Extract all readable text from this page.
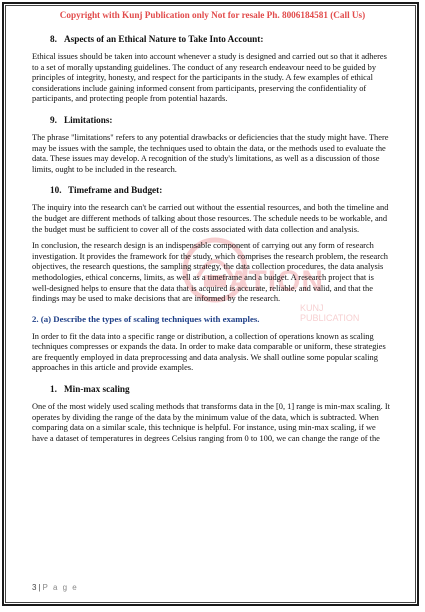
ATION
KUNJ PUBLICATION
Copyright with Kunj Publication only Not for resale Ph. 8006184581 (Call Us)
8. Aspects of an Ethical Nature to Take Into Account:

Ethical issues should be taken into account whenever a study is designed and carried out so that it adheres to a set of morally upstanding guidelines. The conduct of any research endeavour need to be guided by principles of integrity, honesty, and respect for the participants in the study. A few examples of ethical considerations include gaining informed consent from participants, preserving the confidentiality of participants, and protecting people from potential hazards.

9. Limitations:

The phrase "limitations" refers to any potential drawbacks or deficiencies that the study might have. There may be issues with the sample, the techniques used to obtain the data, or the methods used to evaluate the data. These issues may develop. A recognition of the study's limitations, as well as a discussion of those limits, ought to be included in the research.

10. Timeframe and Budget:

The inquiry into the research can't be carried out without the essential resources, and both the timeline and the budget are different methods of talking about those resources. The schedule needs to be workable, and the budget must be sufficient to cover all of the costs associated with data collection and analysis.

In conclusion, the research design is an indispensable component of carrying out any form of research investigation. It provides the framework for the study, which comprises the research problem, the research objectives, the research questions, the sampling strategy, the data collection procedures, the data analysis methodologies, ethical concerns, limits, as well as a timeframe and a budget. A research project that is well-designed helps to ensure that the data that is acquired is accurate, reliable, and valid, and that the findings may be used to make decisions that are informed by the research.

2. (a) Describe the types of scaling techniques with examples.

In order to fit the data into a specific range or distribution, a collection of operations known as scaling techniques compresses or expands the data. In order to make data comparable or uniform, these strategies are frequently employed in data preprocessing and data analysis. We shall outline some popular scaling approaches in this article and provide examples.

1. Min-max scaling

One of the most widely used scaling methods that transforms data in the [0, 1] range is min-max scaling. It operates by dividing the range of the data by the minimum value of the data, which is subtracted. When comparing data on a similar scale, this technique is helpful. For instance, using min-max scaling, if we have a dataset of temperatures in degrees Celsius ranging from 0 to 100, we can change the range of the

3 | P a g e
